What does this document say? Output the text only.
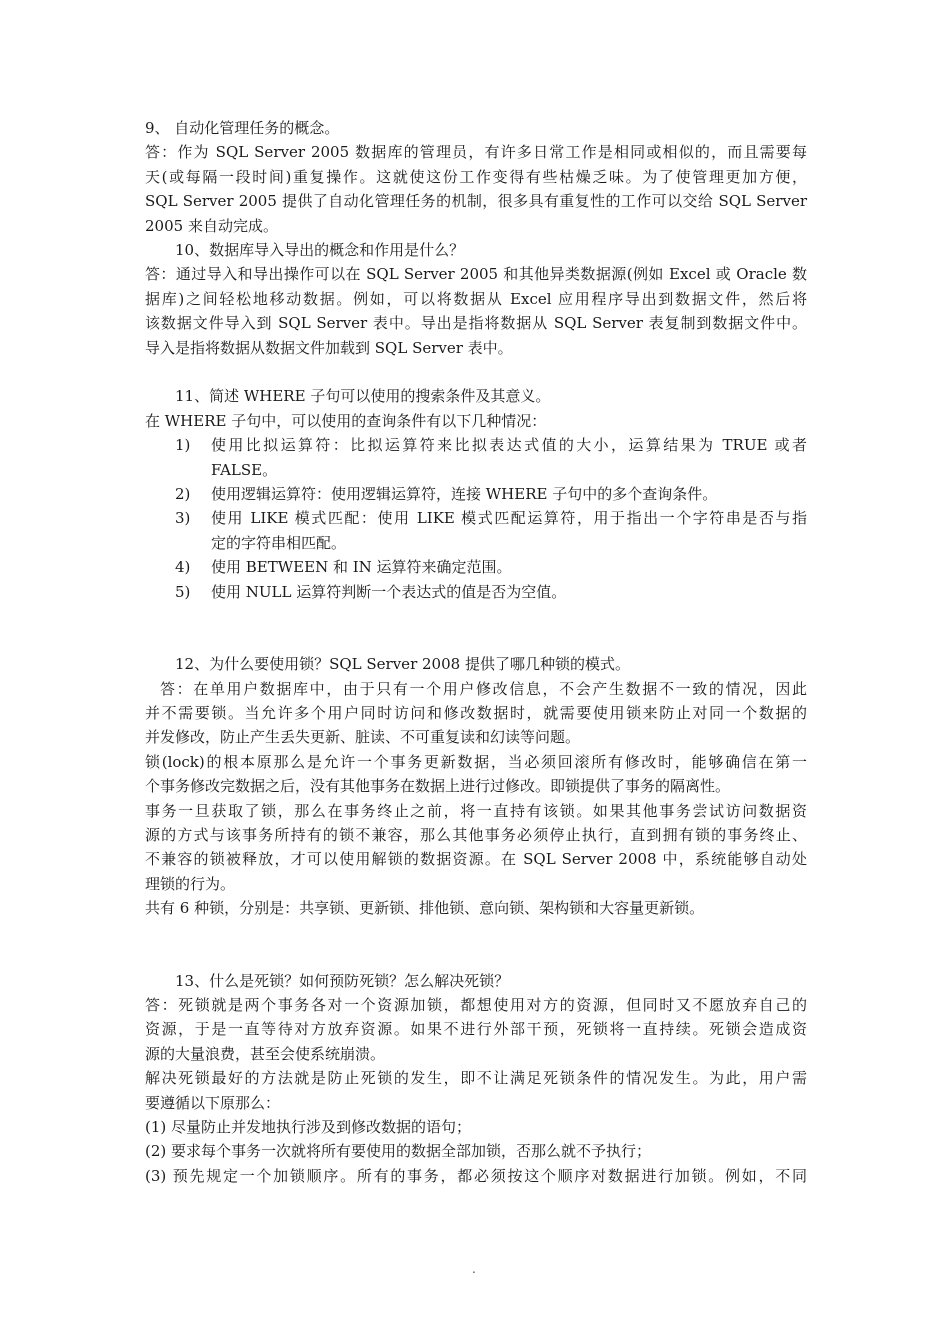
9、 自动化管理任务的概念。
答：作为 SQL Server 2005 数据库的管理员，有许多日常工作是相同或相似的，而且需要每
天(或每隔一段时间)重复操作。这就使这份工作变得有些枯燥乏味。为了使管理更加方便，
SQL Server 2005 提供了自动化管理任务的机制，很多具有重复性的工作可以交给 SQL Server
2005 来自动完成。
10、数据库导入导出的概念和作用是什么？
答：通过导入和导出操作可以在 SQL Server 2005 和其他异类数据源(例如 Excel 或 Oracle 数
据库)之间轻松地移动数据。例如，可以将数据从 Excel 应用程序导出到数据文件，然后将
该数据文件导入到 SQL Server 表中。导出是指将数据从 SQL Server 表复制到数据文件中。
导入是指将数据从数据文件加载到 SQL Server 表中。
11、简述 WHERE 子句可以使用的搜索条件及其意义。
在 WHERE 子句中，可以使用的查询条件有以下几种情况：
1) 使用比拟运算符：比拟运算符来比拟表达式值的大小，运算结果为 TRUE 或者
FALSE。
2) 使用逻辑运算符：使用逻辑运算符，连接 WHERE 子句中的多个查询条件。
3) 使用 LIKE 模式匹配：使用 LIKE 模式匹配运算符，用于指出一个字符串是否与指
定的字符串相匹配。
4) 使用 BETWEEN 和 IN 运算符来确定范围。
5) 使用 NULL 运算符判断一个表达式的值是否为空值。
12、为什么要使用锁？SQL Server 2008 提供了哪几种锁的模式。
答：在单用户数据库中，由于只有一个用户修改信息，不会产生数据不一致的情况，因此
并不需要锁。当允许多个用户同时访问和修改数据时，就需要使用锁来防止对同一个数据的
并发修改，防止产生丢失更新、脏读、不可重复读和幻读等问题。
锁(lock)的根本原那么是允许一个事务更新数据，当必须回滚所有修改时，能够确信在第一
个事务修改完数据之后，没有其他事务在数据上进行过修改。即锁提供了事务的隔离性。
事务一旦获取了锁，那么在事务终止之前，将一直持有该锁。如果其他事务尝试访问数据资
源的方式与该事务所持有的锁不兼容，那么其他事务必须停止执行，直到拥有锁的事务终止、
不兼容的锁被释放，才可以使用解锁的数据资源。在 SQL Server 2008 中，系统能够自动处
理锁的行为。
共有 6 种锁，分别是：共享锁、更新锁、排他锁、意向锁、架构锁和大容量更新锁。
13、什么是死锁？如何预防死锁？怎么解决死锁？
答：死锁就是两个事务各对一个资源加锁，都想使用对方的资源，但同时又不愿放弃自己的
资源，于是一直等待对方放弃资源。如果不进行外部干预，死锁将一直持续。死锁会造成资
源的大量浪费，甚至会使系统崩溃。
解决死锁最好的方法就是防止死锁的发生，即不让满足死锁条件的情况发生。为此，用户需
要遵循以下原那么：
(1) 尽量防止并发地执行涉及到修改数据的语句；
(2) 要求每个事务一次就将所有要使用的数据全部加锁，否那么就不予执行；
(3) 预先规定一个加锁顺序。所有的事务，都必须按这个顺序对数据进行加锁。例如，不同
.
